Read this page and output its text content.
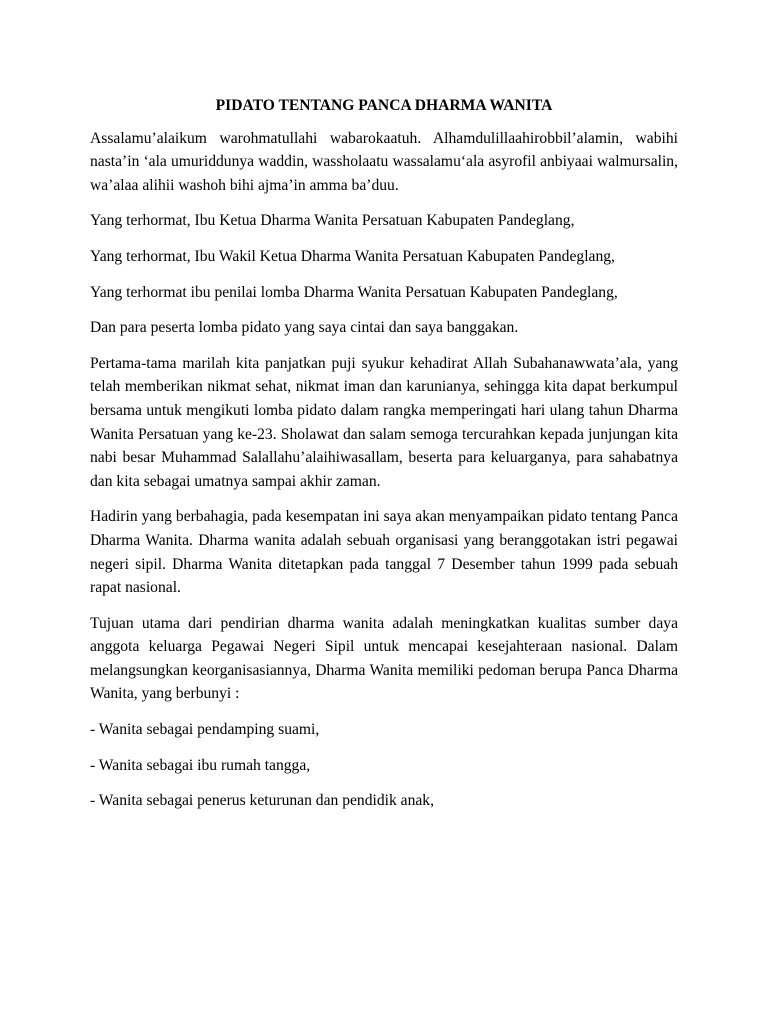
PIDATO TENTANG PANCA DHARMA WANITA

Assalamu’alaikum warohmatullahi wabarokaatuh. Alhamdulillaahirobbil’alamin, wabihi nasta’in ‘ala umuriddunya waddin, wassholaatu wassalamu‘ala asyrofil anbiyaai walmursalin, wa’alaa alihii washoh bihi ajma’in amma ba’duu.

Yang terhormat, Ibu Ketua Dharma Wanita Persatuan Kabupaten Pandeglang,

Yang terhormat, Ibu Wakil Ketua Dharma Wanita Persatuan Kabupaten Pandeglang,

Yang terhormat ibu penilai lomba Dharma Wanita Persatuan Kabupaten Pandeglang,

Dan para peserta lomba pidato yang saya cintai dan saya banggakan.

Pertama-tama marilah kita panjatkan puji syukur kehadirat Allah Subahanawwata’ala, yang telah memberikan nikmat sehat, nikmat iman dan karunianya, sehingga kita dapat berkumpul bersama untuk mengikuti lomba pidato dalam rangka memperingati hari ulang tahun Dharma Wanita Persatuan yang ke-23. Sholawat dan salam semoga tercurahkan kepada junjungan kita nabi besar Muhammad Salallahu’alaihiwasallam, beserta para keluarganya, para sahabatnya dan kita sebagai umatnya sampai akhir zaman.

Hadirin yang berbahagia, pada kesempatan ini saya akan menyampaikan pidato tentang Panca Dharma Wanita. Dharma wanita adalah sebuah organisasi yang beranggotakan istri pegawai negeri sipil. Dharma Wanita ditetapkan pada tanggal 7 Desember tahun 1999 pada sebuah rapat nasional.

Tujuan utama dari pendirian dharma wanita adalah meningkatkan kualitas sumber daya anggota keluarga Pegawai Negeri Sipil untuk mencapai kesejahteraan nasional. Dalam melangsungkan keorganisasiannya, Dharma Wanita memiliki pedoman berupa Panca Dharma Wanita, yang berbunyi :

- Wanita sebagai pendamping suami,
- Wanita sebagai ibu rumah tangga,
- Wanita sebagai penerus keturunan dan pendidik anak,
